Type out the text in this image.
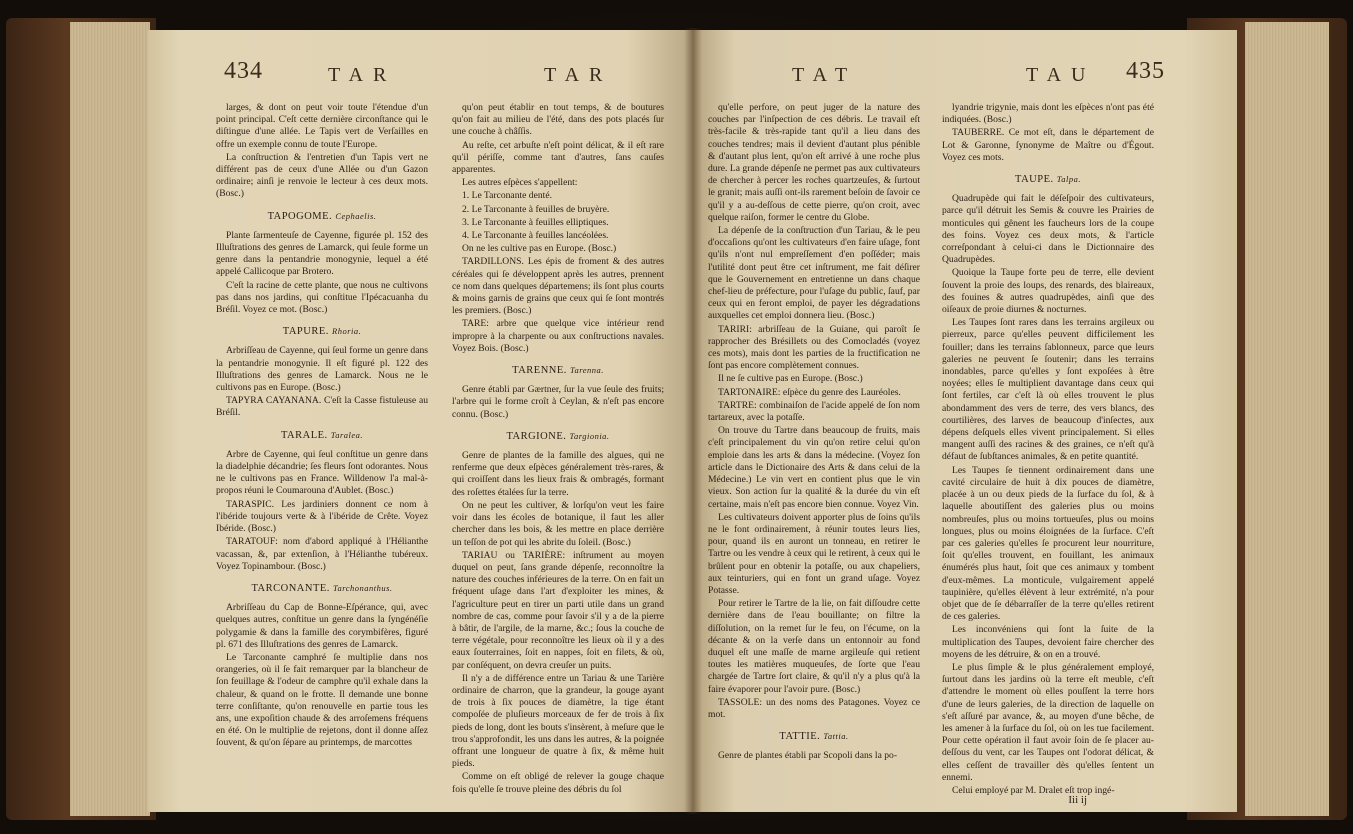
434	TAR	TAR

larges, & dont on peut voir toute l'étendue d'un point principal. C'eſt cette dernière circonſtance qui le diſtingue d'une allée. Le Tapis vert de Verſailles en offre un exemple connu de toute l'Europe.

La conſtruction & l'entretien d'un Tapis vert ne différent pas de ceux d'une Allée ou d'un Gazon ordinaire; ainſi je renvoie le lecteur à ces deux mots. (Bosc.)

TAPOGOME. Cephaelis.

Plante ſarmenteuſe de Cayenne, figurée pl. 152 des Illuſtrations des genres de Lamarck, qui ſeule forme un genre dans la pentandrie monogynie, lequel a été appelé Callicoque par Brotero.

C'eſt la racine de cette plante, que nous ne cultivons pas dans nos jardins, qui conſtitue l'Ipécacuanha du Bréſil. Voyez ce mot. (Bosc.)

TAPURE. Rhoria.

Arbriſſeau de Cayenne, qui ſeul forme un genre dans la pentandrie monogynie. Il eſt figuré pl. 122 des Illuſtrations des genres de Lamarck. Nous ne le cultivons pas en Europe. (Bosc.)

TAPYRA CAYANANA. C'eſt la Casse fistuleuse au Bréſil.

TARALE. Taralea.

Arbre de Cayenne, qui ſeul conſtitue un genre dans la diadelphie décandrie; ſes fleurs ſont odorantes. Nous ne le cultivons pas en France. Willdenow l'a mal-à-propos réuni le Coumarouna d'Aublet. (Bosc.)

TARASPIC. Les jardiniers donnent ce nom à l'ibéride toujours verte & à l'ibéride de Crête. Voyez Ibéride. (Bosc.)

TARATOUF: nom d'abord appliqué à l'Hélianthe vacassan, &, par extenſion, à l'Hélianthe tubéreux. Voyez Topinambour. (Bosc.)

TARCONANTE. Tarchonanthus.

Arbriſſeau du Cap de Bonne-Eſpérance, qui, avec quelques autres, conſtitue un genre dans la ſyngénéſie polygamie & dans la famille des corymbifères, figuré pl. 671 des Illuſtrations des genres de Lamarck.

Le Tarconante camphré ſe multiplie dans nos orangeries, où il ſe fait remarquer par la blancheur de ſon feuillage & l'odeur de camphre qu'il exhale dans la chaleur, & quand on le frotte. Il demande une bonne terre conſiſtante, qu'on renouvelle en partie tous les ans, une expoſition chaude & des arroſemens fréquens en été. On le multiplie de rejetons, dont il donne aſſez ſouvent, & qu'on ſépare au printemps, de marcottes

qu'on peut établir en tout temps, & de boutures qu'on fait au milieu de l'été, dans des pots placés ſur une couche à châſſis.

Au reſte, cet arbuſte n'eſt point délicat, & il eſt rare qu'il périſſe, comme tant d'autres, ſans cauſes apparentes.

Les autres eſpèces s'appellent:

1. Le Tarconante denté.

2. Le Tarconante à feuilles de bruyère.

3. Le Tarconante à feuilles elliptiques.

4. Le Tarconante à feuilles lancéolées.

On ne les cultive pas en Europe. (Bosc.)

TARDILLONS. Les épis de froment & des autres céréales qui ſe développent après les autres, prennent ce nom dans quelques départemens; ils ſont plus courts & moins garnis de grains que ceux qui ſe ſont montrés les premiers. (Bosc.)

TARE: arbre que quelque vice intérieur rend impropre à la charpente ou aux conſtructions navales. Voyez Bois. (Bosc.)

TARENNE. Tarenna.

Genre établi par Gærtner, ſur la vue ſeule des fruits; l'arbre qui le forme croît à Ceylan, & n'eſt pas encore connu. (Bosc.)

TARGIONE. Targionia.

Genre de plantes de la famille des algues, qui ne renferme que deux eſpèces généralement très-rares, & qui croiſſent dans les lieux frais & ombragés, formant des roſettes étalées ſur la terre.

On ne peut les cultiver, & lorſqu'on veut les faire voir dans les écoles de botanique, il faut les aller chercher dans les bois, & les mettre en place derrière un teſſon de pot qui les abrite du ſoleil. (Bosc.)

TARIAU ou TARIÈRE: inſtrument au moyen duquel on peut, ſans grande dépenſe, reconnoître la nature des couches inférieures de la terre. On en fait un fréquent uſage dans l'art d'exploiter les mines, & l'agriculture peut en tirer un parti utile dans un grand nombre de cas, comme pour ſavoir s'il y a de la pierre à bâtir, de l'argile, de la marne, &c.; ſous la couche de terre végétale, pour reconnoître les lieux où il y a des eaux ſouterraines, ſoit en nappes, ſoit en filets, & où, par conſéquent, on devra creuſer un puits.

Il n'y a de différence entre un Tariau & une Tarière ordinaire de charron, que la grandeur, la gouge ayant de trois à ſix pouces de diamètre, la tige étant compoſée de pluſieurs morceaux de fer de trois à ſix pieds de long, dont les bouts s'insèrent, à meſure que le trou s'approfondit, les uns dans les autres, & la poignée offrant une longueur de quatre à ſix, & même huit pieds.

Comme on eſt obligé de relever la gouge chaque fois qu'elle ſe trouve pleine des débris du ſol

TAT	TAU 435

qu'elle perfore, on peut juger de la nature des couches par l'inſpection de ces débris. Le travail eſt très-facile & très-rapide tant qu'il a lieu dans des couches tendres; mais il devient d'autant plus pénible & d'autant plus lent, qu'on eſt arrivé à une roche plus dure. La grande dépenſe ne permet pas aux cultivateurs de chercher à percer les roches quartzeuſes, & ſurtout le granit; mais auſſi ont-ils rarement beſoin de ſavoir ce qu'il y a au-deſſous de cette pierre, qu'on croit, avec quelque raiſon, former le centre du Globe.

La dépenſe de la conſtruction d'un Tariau, & le peu d'occaſions qu'ont les cultivateurs d'en faire uſage, font qu'ils n'ont nul empreſſement d'en poſſéder; mais l'utilité dont peut être cet inſtrument, me fait déſirer que le Gouvernement en entretienne un dans chaque chef-lieu de préfecture, pour l'uſage du public, ſauf, par ceux qui en feront emploi, de payer les dégradations auxquelles cet emploi donnera lieu. (Bosc.)

TARIRI: arbriſſeau de la Guiane, qui paroît ſe rapprocher des Brésillets ou des Comocladés (voyez ces mots), mais dont les parties de la fructification ne ſont pas encore complètement connues.

Il ne ſe cultive pas en Europe. (Bosc.)

TARTONAIRE: eſpèce du genre des Lauréoles.

TARTRE: combinaiſon de l'acide appelé de ſon nom tartareux, avec la potaſſe.

On trouve du Tartre dans beaucoup de fruits, mais c'eſt principalement du vin qu'on retire celui qu'on emploie dans les arts & dans la médecine. (Voyez ſon article dans le Dictionaire des Arts & dans celui de la Médecine.) Le vin vert en contient plus que le vin vieux. Son action ſur la qualité & la durée du vin eſt certaine, mais n'eſt pas encore bien connue. Voyez Vin.

Les cultivateurs doivent apporter plus de ſoins qu'ils ne le font ordinairement, à réunir toutes leurs lies, pour, quand ils en auront un tonneau, en retirer le Tartre ou les vendre à ceux qui le retirent, à ceux qui le brûlent pour en obtenir la potaſſe, ou aux chapeliers, aux teinturiers, qui en font un grand uſage. Voyez Potasse.

Pour retirer le Tartre de la lie, on fait diſſoudre cette dernière dans de l'eau bouillante; on filtre la diſſolution, on la remet ſur le feu, on l'écume, on la décante & on la verſe dans un entonnoir au fond duquel eſt une maſſe de marne argileuſe qui retient toutes les matières muqueuſes, de ſorte que l'eau chargée de Tartre ſort claire, & qu'il n'y a plus qu'à la faire évaporer pour l'avoir pure. (Bosc.)

TASSOLE: un des noms des Patagones. Voyez ce mot.

TATTIE. Tattia.

Genre de plantes établi par Scopoli dans la po-

lyandrie trigynie, mais dont les eſpèces n'ont pas été indiquées. (Bosc.)

TAUBERRE. Ce mot eſt, dans le département de Lot & Garonne, ſynonyme de Maître ou d'Égout. Voyez ces mots.

TAUPE. Talpa.

Quadrupède qui fait le déſeſpoir des cultivateurs, parce qu'il détruit les Semis & couvre les Prairies de monticules qui gênent les faucheurs lors de la coupe des foins. Voyez ces deux mots, & l'article correſpondant à celui-ci dans le Dictionnaire des Quadrupèdes.

Quoique la Taupe forte peu de terre, elle devient ſouvent la proie des loups, des renards, des blaireaux, des fouines & autres quadrupèdes, ainſi que des oiſeaux de proie diurnes & nocturnes.

Les Taupes ſont rares dans les terrains argileux ou pierreux, parce qu'elles peuvent difficilement les fouiller; dans les terrains ſablonneux, parce que leurs galeries ne peuvent ſe ſoutenir; dans les terrains inondables, parce qu'elles y ſont expoſées à être noyées; elles ſe multiplient davantage dans ceux qui ſont fertiles, car c'eſt là où elles trouvent le plus abondamment des vers de terre, des vers blancs, des courtilières, des larves de beaucoup d'inſectes, aux dépens deſquels elles vivent principalement. Si elles mangent auſſi des racines & des graines, ce n'eſt qu'à défaut de ſubſtances animales, & en petite quantité.

Les Taupes ſe tiennent ordinairement dans une cavité circulaire de huit à dix pouces de diamètre, placée à un ou deux pieds de la ſurface du ſol, & à laquelle aboutiſſent des galeries plus ou moins nombreuſes, plus ou moins tortueuſes, plus ou moins longues, plus ou moins éloignées de la ſurface. C'eſt par ces galeries qu'elles ſe procurent leur nourriture, ſoit qu'elles trouvent, en fouillant, les animaux énumérés plus haut, ſoit que ces animaux y tombent d'eux-mêmes. La monticule, vulgairement appelé taupinière, qu'elles élèvent à leur extrémité, n'a pour objet que de ſe débarraſſer de la terre qu'elles retirent de ces galeries.

Les inconvéniens qui ſont la ſuite de la multiplication des Taupes, devoient faire chercher des moyens de les détruire, & on en a trouvé.

Le plus ſimple & le plus généralement employé, ſurtout dans les jardins où la terre eſt meuble, c'eſt d'attendre le moment où elles pouſſent la terre hors d'une de leurs galeries, de la direction de laquelle on s'eſt aſſuré par avance, &, au moyen d'une bêche, de les amener à la ſurface du ſol, où on les tue facilement. Pour cette opération il faut avoir ſoin de ſe placer au-deſſous du vent, car les Taupes ont l'odorat délicat, & elles ceſſent de travailler dès qu'elles ſentent un ennemi.

Celui employé par M. Dralet eſt trop ingé-

Iii ij
